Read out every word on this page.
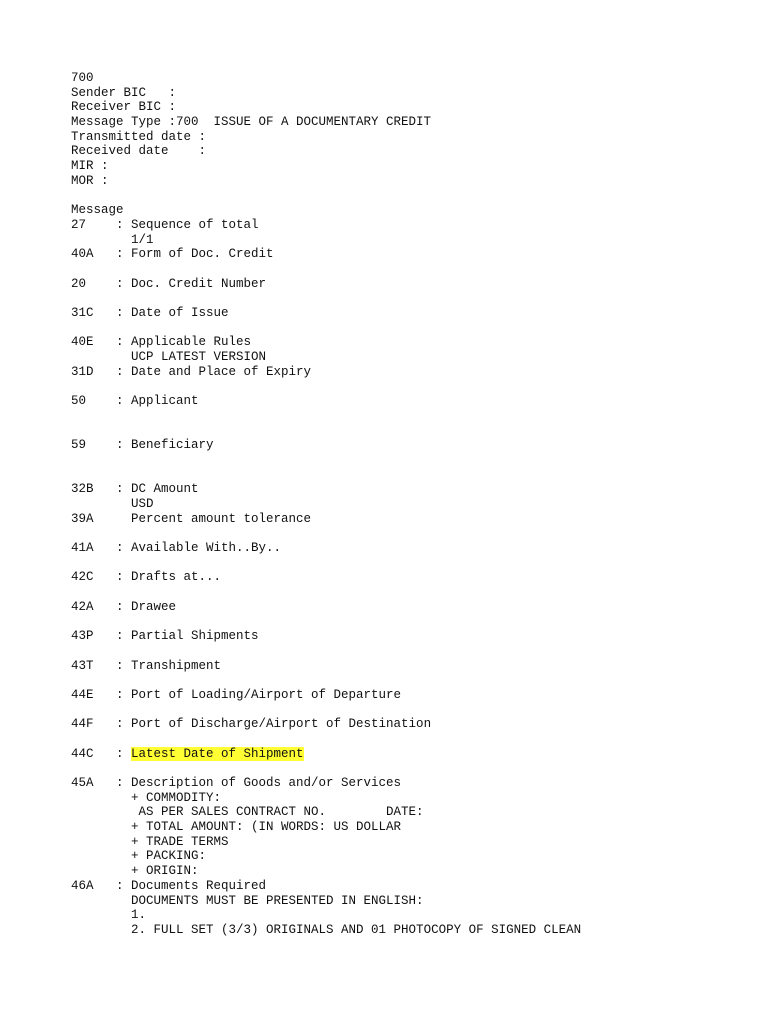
700
Sender BIC   :
Receiver BIC :
Message Type :700  ISSUE OF A DOCUMENTARY CREDIT
Transmitted date :
Received date    :
MIR :
MOR :
Message
27    : Sequence of total
1/1
40A   : Form of Doc. Credit
20    : Doc. Credit Number
31C   : Date of Issue
40E   : Applicable Rules
UCP LATEST VERSION
31D   : Date and Place of Expiry
50    : Applicant
59    : Beneficiary
32B   : DC Amount
USD
39A     Percent amount tolerance
41A   : Available With..By..
42C   : Drafts at...
42A   : Drawee
43P   : Partial Shipments
43T   : Transhipment
44E   : Port of Loading/Airport of Departure
44F   : Port of Discharge/Airport of Destination
44C   : Latest Date of Shipment
45A   : Description of Goods and/or Services
+ COMMODITY:
AS PER SALES CONTRACT NO.        DATE:
+ TOTAL AMOUNT: (IN WORDS: US DOLLAR
+ TRADE TERMS
+ PACKING:
+ ORIGIN:
46A   : Documents Required
DOCUMENTS MUST BE PRESENTED IN ENGLISH:
1.
2. FULL SET (3/3) ORIGINALS AND 01 PHOTOCOPY OF SIGNED CLEAN
